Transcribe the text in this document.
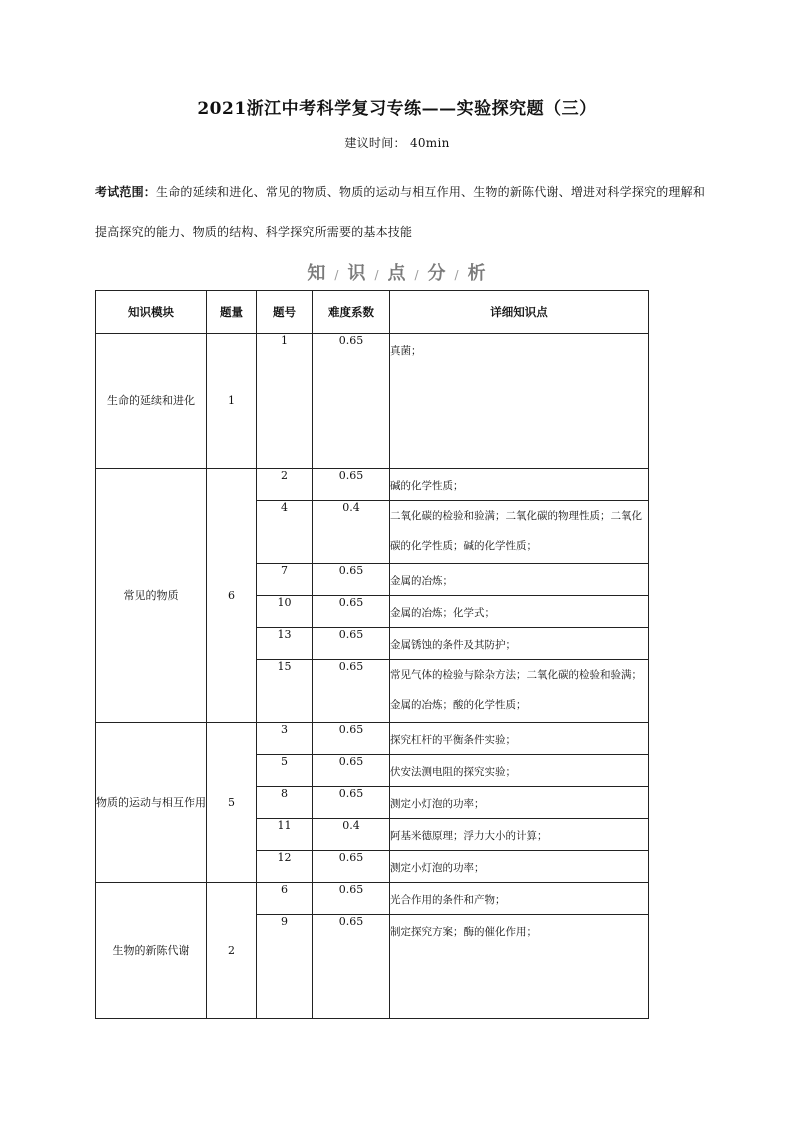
2021浙江中考科学复习专练——实验探究题（三）
建议时间： 40min
考试范围：生命的延续和进化、常见的物质、物质的运动与相互作用、生物的新陈代谢、增进对科学探究的理解和提高探究的能力、物质的结构、科学探究所需要的基本技能
知 / 识 / 点 / 分 / 析
知识模块	题量	题号	难度系数	详细知识点
生命的延续和进化	1	1	0.65	真菌；
常见的物质	6	2	0.65	碱的化学性质；
		4	0.4	二氧化碳的检验和验满；二氧化碳的物理性质；二氧化碳的化学性质；碱的化学性质；
		7	0.65	金属的冶炼；
		10	0.65	金属的冶炼；化学式；
		13	0.65	金属锈蚀的条件及其防护；
		15	0.65	常见气体的检验与除杂方法；二氧化碳的检验和验满；金属的冶炼；酸的化学性质；
物质的运动与相互作用	5	3	0.65	探究杠杆的平衡条件实验；
		5	0.65	伏安法测电阻的探究实验；
		8	0.65	测定小灯泡的功率；
		11	0.4	阿基米德原理；浮力大小的计算；
		12	0.65	测定小灯泡的功率；
生物的新陈代谢	2	6	0.65	光合作用的条件和产物；
		9	0.65	制定探究方案；酶的催化作用；
